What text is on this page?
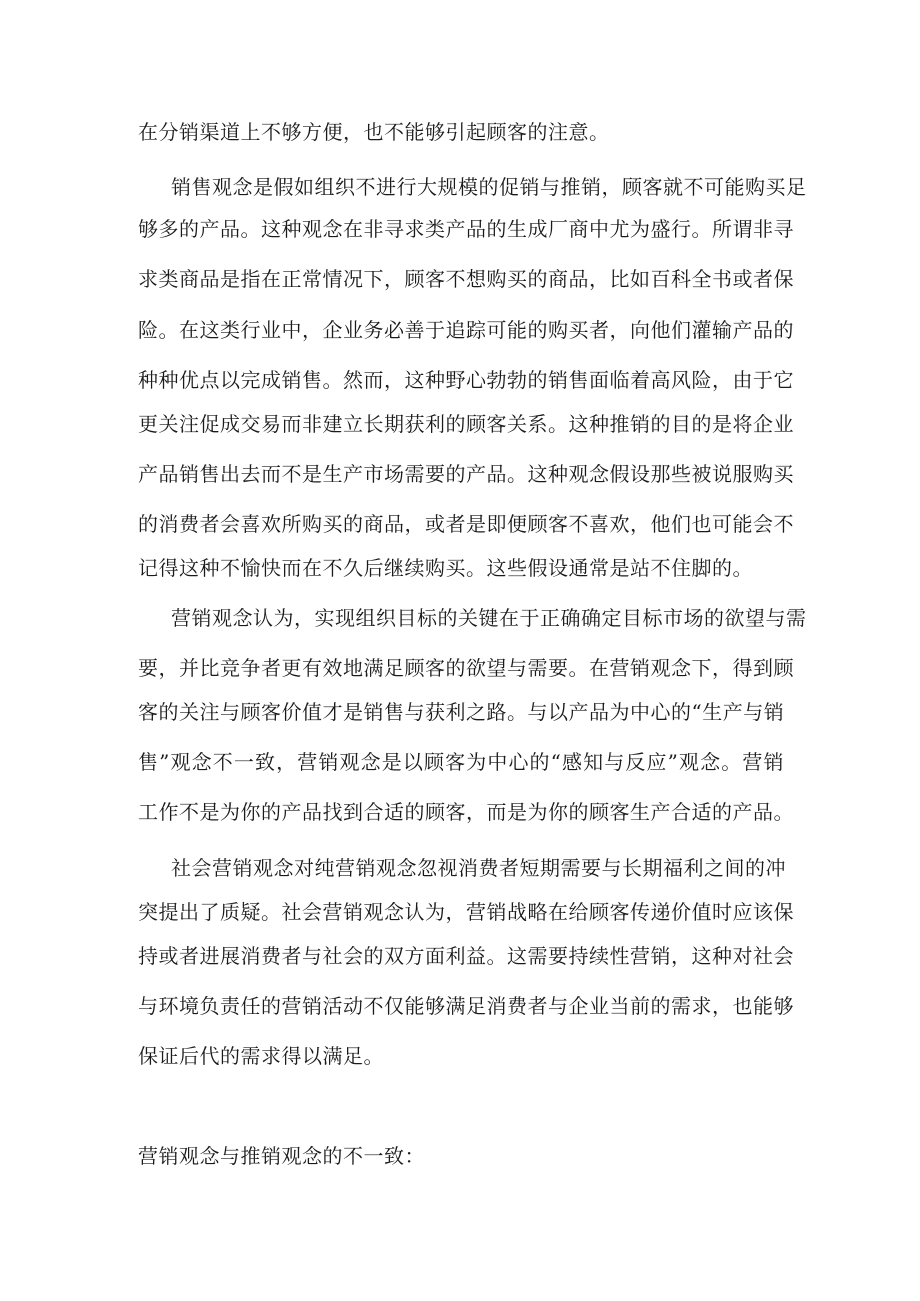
在分销渠道上不够方便，也不能够引起顾客的注意。
销售观念是假如组织不进行大规模的促销与推销，顾客就不可能购买足
够多的产品。这种观念在非寻求类产品的生成厂商中尤为盛行。所谓非寻
求类商品是指在正常情况下，顾客不想购买的商品，比如百科全书或者保
险。在这类行业中，企业务必善于追踪可能的购买者，向他们灌输产品的
种种优点以完成销售。然而，这种野心勃勃的销售面临着高风险，由于它
更关注促成交易而非建立长期获利的顾客关系。这种推销的目的是将企业
产品销售出去而不是生产市场需要的产品。这种观念假设那些被说服购买
的消费者会喜欢所购买的商品，或者是即便顾客不喜欢，他们也可能会不
记得这种不愉快而在不久后继续购买。这些假设通常是站不住脚的。
营销观念认为，实现组织目标的关键在于正确确定目标市场的欲望与需
要，并比竞争者更有效地满足顾客的欲望与需要。在营销观念下，得到顾
客的关注与顾客价值才是销售与获利之路。与以产品为中心的“生产与销
售”观念不一致，营销观念是以顾客为中心的“感知与反应”观念。营销
工作不是为你的产品找到合适的顾客，而是为你的顾客生产合适的产品。
社会营销观念对纯营销观念忽视消费者短期需要与长期福利之间的冲
突提出了质疑。社会营销观念认为，营销战略在给顾客传递价值时应该保
持或者进展消费者与社会的双方面利益。这需要持续性营销，这种对社会
与环境负责任的营销活动不仅能够满足消费者与企业当前的需求，也能够
保证后代的需求得以满足。
营销观念与推销观念的不一致：
